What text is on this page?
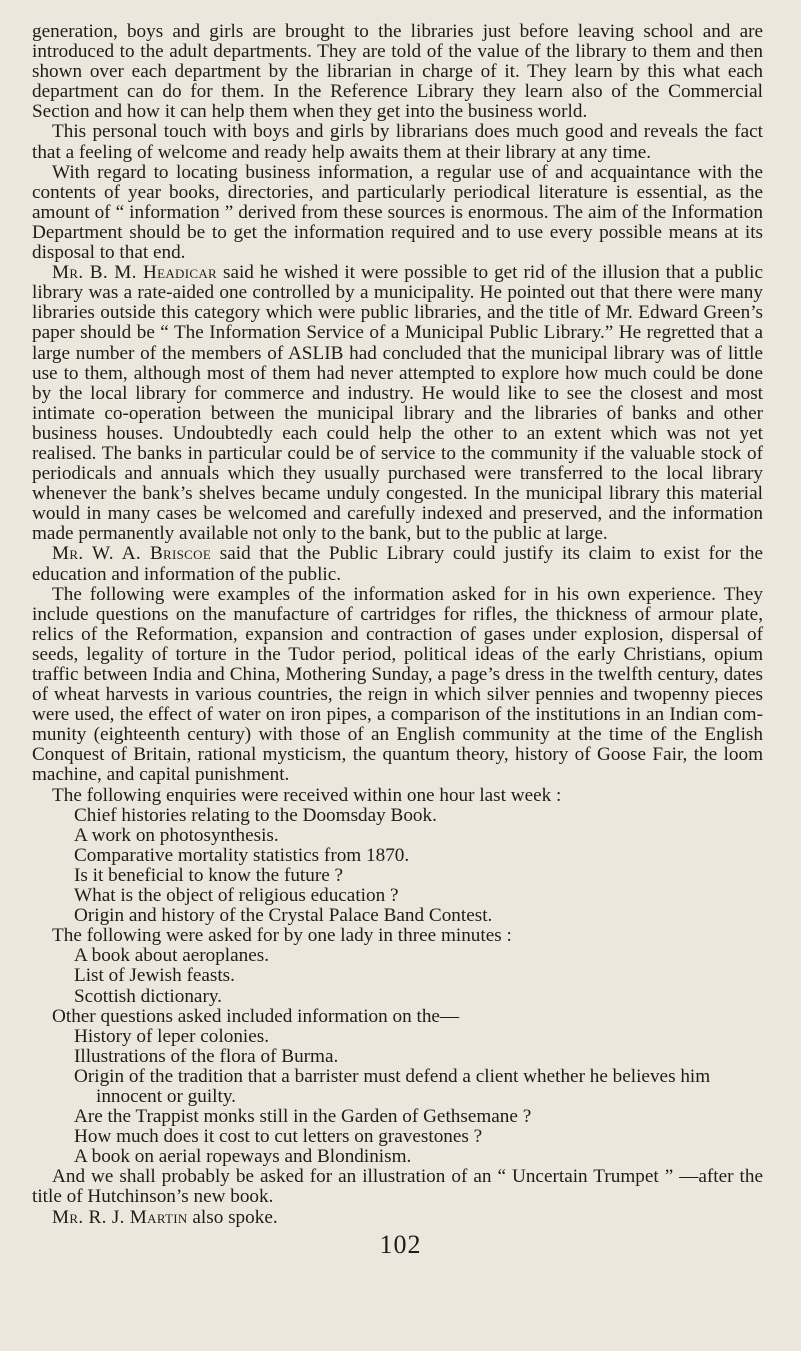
generation, boys and girls are brought to the libraries just before leaving school and are introduced to the adult departments. They are told of the value of the library to them and then shown over each department by the librarian in charge of it. They learn by this what each department can do for them. In the Reference Library they learn also of the Commercial Section and how it can help them when they get into the business world.

This personal touch with boys and girls by librarians does much good and reveals the fact that a feeling of welcome and ready help awaits them at their library at any time.

With regard to locating business information, a regular use of and acquaintance with the contents of year books, directories, and particularly periodical literature is essential, as the amount of “ information ” derived from these sources is enormous. The aim of the Information Department should be to get the information required and to use every possible means at its disposal to that end.

Mr. B. M. Headicar said he wished it were possible to get rid of the illusion that a public library was a rate-aided one controlled by a municipality. He pointed out that there were many libraries outside this category which were public libraries, and the title of Mr. Edward Green’s paper should be “ The Information Service of a Municipal Public Library.” He regretted that a large number of the members of ASLIB had concluded that the municipal library was of little use to them, although most of them had never attempted to explore how much could be done by the local library for commerce and industry. He would like to see the closest and most intimate co-operation between the municipal library and the libraries of banks and other business houses. Undoubtedly each could help the other to an extent which was not yet realised. The banks in particular could be of service to the community if the valuable stock of periodicals and annuals which they usually purchased were transferred to the local library whenever the bank’s shelves became unduly congested. In the municipal library this material would in many cases be welcomed and carefully indexed and preserved, and the information made permanently available not only to the bank, but to the public at large.

Mr. W. A. Briscoe said that the Public Library could justify its claim to exist for the education and information of the public.

The following were examples of the information asked for in his own experience. They include questions on the manufacture of cartridges for rifles, the thickness of armour plate, relics of the Reformation, expansion and contraction of gases under explosion, dispersal of seeds, legality of torture in the Tudor period, political ideas of the early Christians, opium traffic between India and China, Mothering Sunday, a page’s dress in the twelfth century, dates of wheat harvests in various countries, the reign in which silver pennies and twopenny pieces were used, the effect of water on iron pipes, a comparison of the institutions in an Indian com- munity (eighteenth century) with those of an English community at the time of the English Conquest of Britain, rational mysticism, the quantum theory, history of Goose Fair, the loom machine, and capital punishment.

The following enquiries were received within one hour last week :
Chief histories relating to the Doomsday Book.
A work on photosynthesis.
Comparative mortality statistics from 1870.
Is it beneficial to know the future ?
What is the object of religious education ?
Origin and history of the Crystal Palace Band Contest.
The following were asked for by one lady in three minutes :
A book about aeroplanes.
List of Jewish feasts.
Scottish dictionary.
Other questions asked included information on the—
History of leper colonies.
Illustrations of the flora of Burma.
Origin of the tradition that a barrister must defend a client whether he believes him innocent or guilty.
Are the Trappist monks still in the Garden of Gethsemane ?
How much does it cost to cut letters on gravestones ?
A book on aerial ropeways and Blondinism.

And we shall probably be asked for an illustration of an “ Uncertain Trumpet ” —after the title of Hutchinson’s new book.

Mr. R. J. Martin also spoke.

102
